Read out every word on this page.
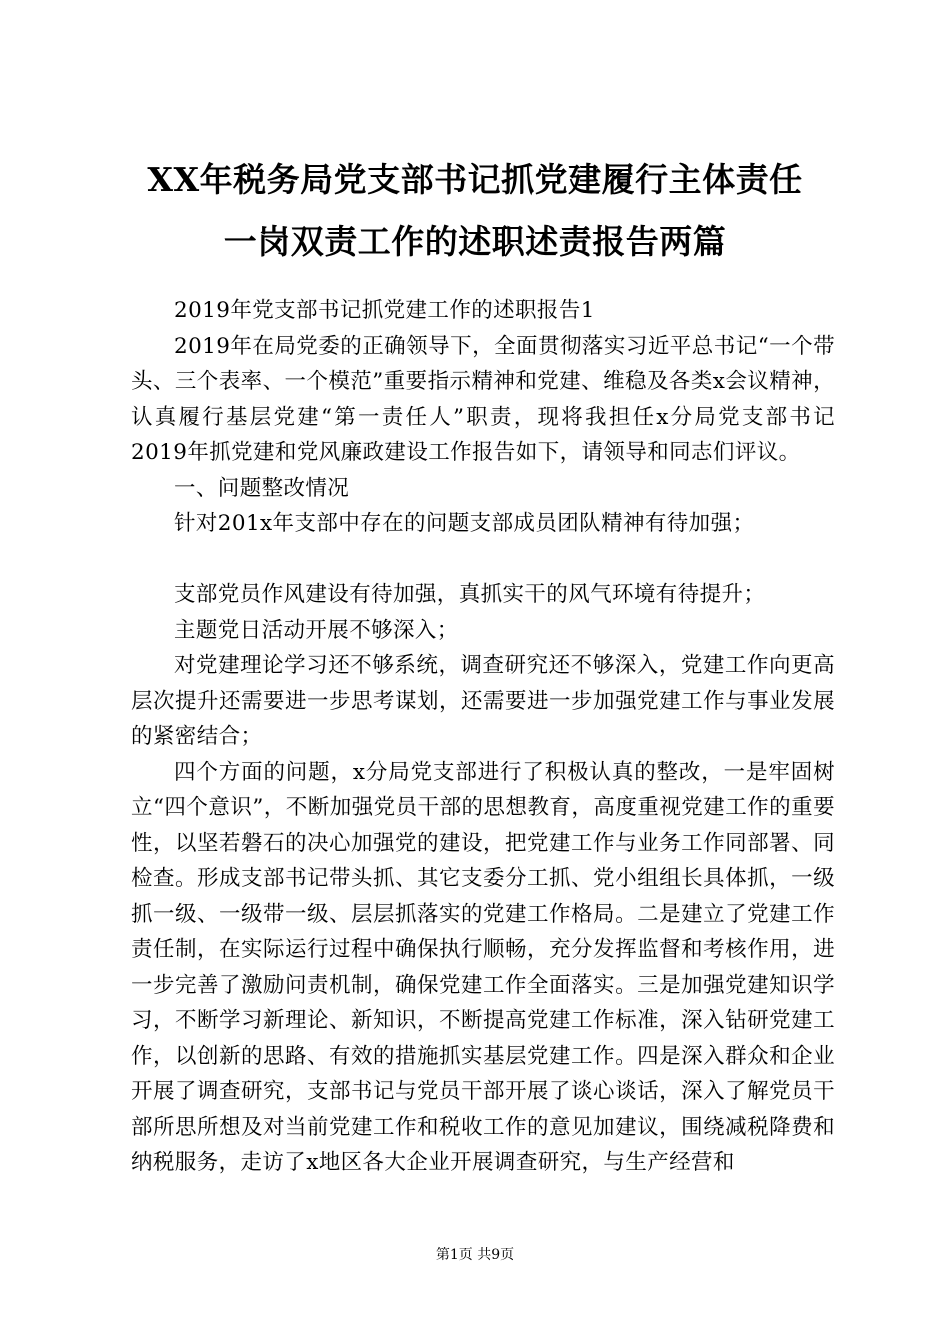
XX年税务局党支部书记抓党建履行主体责任
一岗双责工作的述职述责报告两篇

2019年党支部书记抓党建工作的述职报告1

2019年在局党委的正确领导下，全面贯彻落实习近平总书记“一个带头、三个表率、一个模范”重要指示精神和党建、维稳及各类x会议精神，认真履行基层党建“第一责任人”职责，现将我担任x分局党支部书记2019年抓党建和党风廉政建设工作报告如下，请领导和同志们评议。

一、问题整改情况

针对201x年支部中存在的问题支部成员团队精神有待加强；

支部党员作风建设有待加强，真抓实干的风气环境有待提升；

主题党日活动开展不够深入；

对党建理论学习还不够系统，调查研究还不够深入，党建工作向更高层次提升还需要进一步思考谋划，还需要进一步加强党建工作与事业发展的紧密结合；

四个方面的问题，x分局党支部进行了积极认真的整改，一是牢固树立“四个意识”，不断加强党员干部的思想教育，高度重视党建工作的重要性，以坚若磐石的决心加强党的建设，把党建工作与业务工作同部署、同检查。形成支部书记带头抓、其它支委分工抓、党小组组长具体抓，一级抓一级、一级带一级、层层抓落实的党建工作格局。二是建立了党建工作责任制，在实际运行过程中确保执行顺畅，充分发挥监督和考核作用，进一步完善了激励问责机制，确保党建工作全面落实。三是加强党建知识学习，不断学习新理论、新知识，不断提高党建工作标准，深入钻研党建工作，以创新的思路、有效的措施抓实基层党建工作。四是深入群众和企业开展了调查研究，支部书记与党员干部开展了谈心谈话，深入了解党员干部所思所想及对当前党建工作和税收工作的意见加建议，围绕减税降费和纳税服务，走访了x地区各大企业开展调查研究，与生产经营和

第1页 共9页
